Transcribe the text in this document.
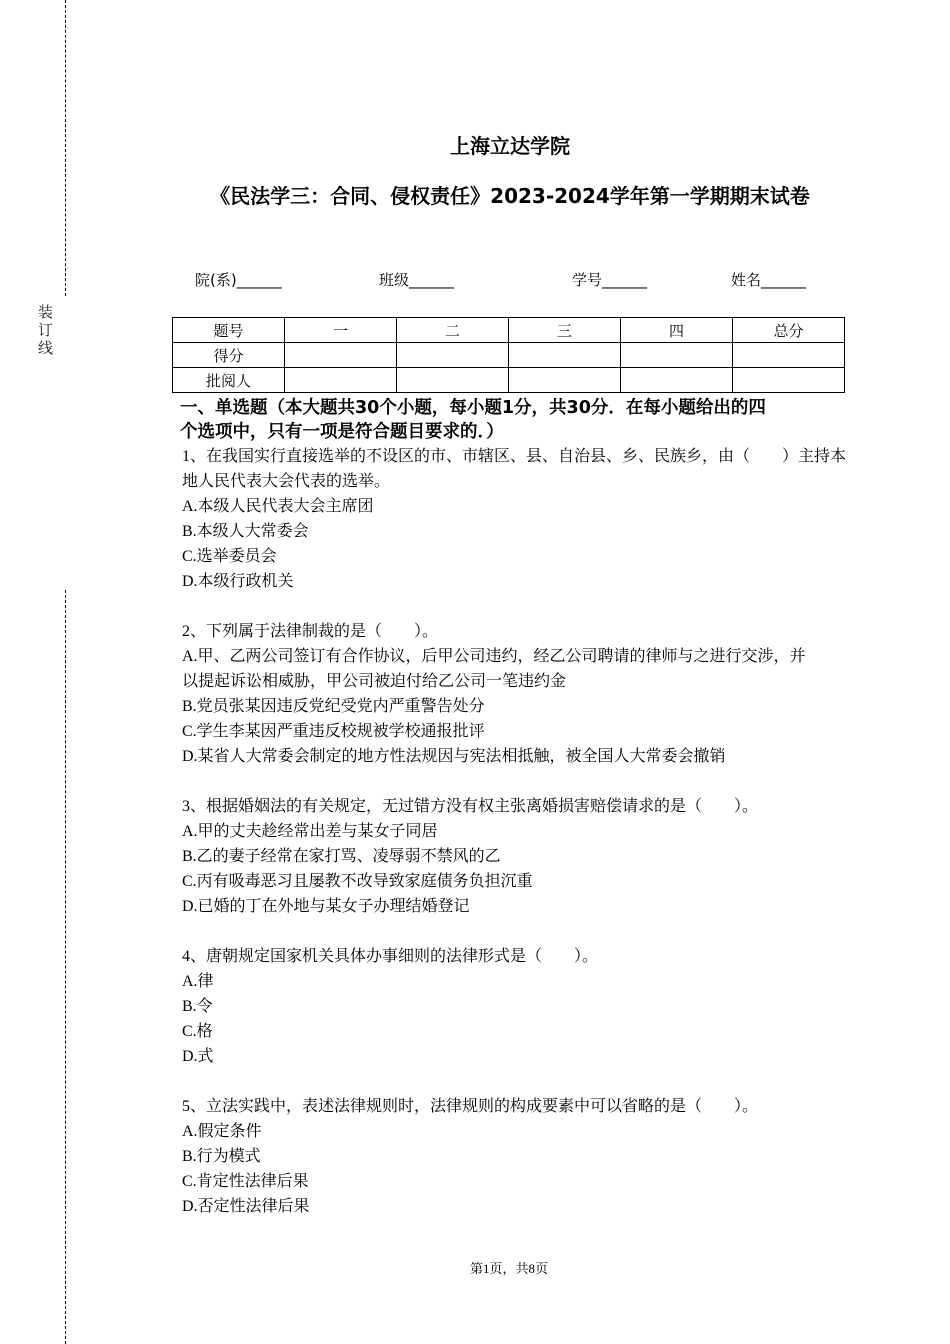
装订线
上海立达学院
《民法学三：合同、侵权责任》2023-2024学年第一学期期末试卷
院(系)______	班级______	学号______	姓名______
题号	一	二	三	四	总分
得分					
批阅人					
一、单选题（本大题共30个小题，每小题1分，共30分．在每小题给出的四
个选项中，只有一项是符合题目要求的．）
1、在我国实行直接选举的不设区的市、市辖区、县、自治县、乡、民族乡，由（　　）主持本
地人民代表大会代表的选举。
A.本级人民代表大会主席团
B.本级人大常委会
C.选举委员会
D.本级行政机关
2、下列属于法律制裁的是（　　）。
A.甲、乙两公司签订有合作协议，后甲公司违约，经乙公司聘请的律师与之进行交涉，并
以提起诉讼相威胁，甲公司被迫付给乙公司一笔违约金
B.党员张某因违反党纪受党内严重警告处分
C.学生李某因严重违反校规被学校通报批评
D.某省人大常委会制定的地方性法规因与宪法相抵触，被全国人大常委会撤销
3、根据婚姻法的有关规定，无过错方没有权主张离婚损害赔偿请求的是（　　）。
A.甲的丈夫趁经常出差与某女子同居
B.乙的妻子经常在家打骂、凌辱弱不禁风的乙
C.丙有吸毒恶习且屡教不改导致家庭债务负担沉重
D.已婚的丁在外地与某女子办理结婚登记
4、唐朝规定国家机关具体办事细则的法律形式是（　　）。
A.律
B.令
C.格
D.式
5、立法实践中，表述法律规则时，法律规则的构成要素中可以省略的是（　　）。
A.假定条件
B.行为模式
C.肯定性法律后果
D.否定性法律后果
第1页，共8页
